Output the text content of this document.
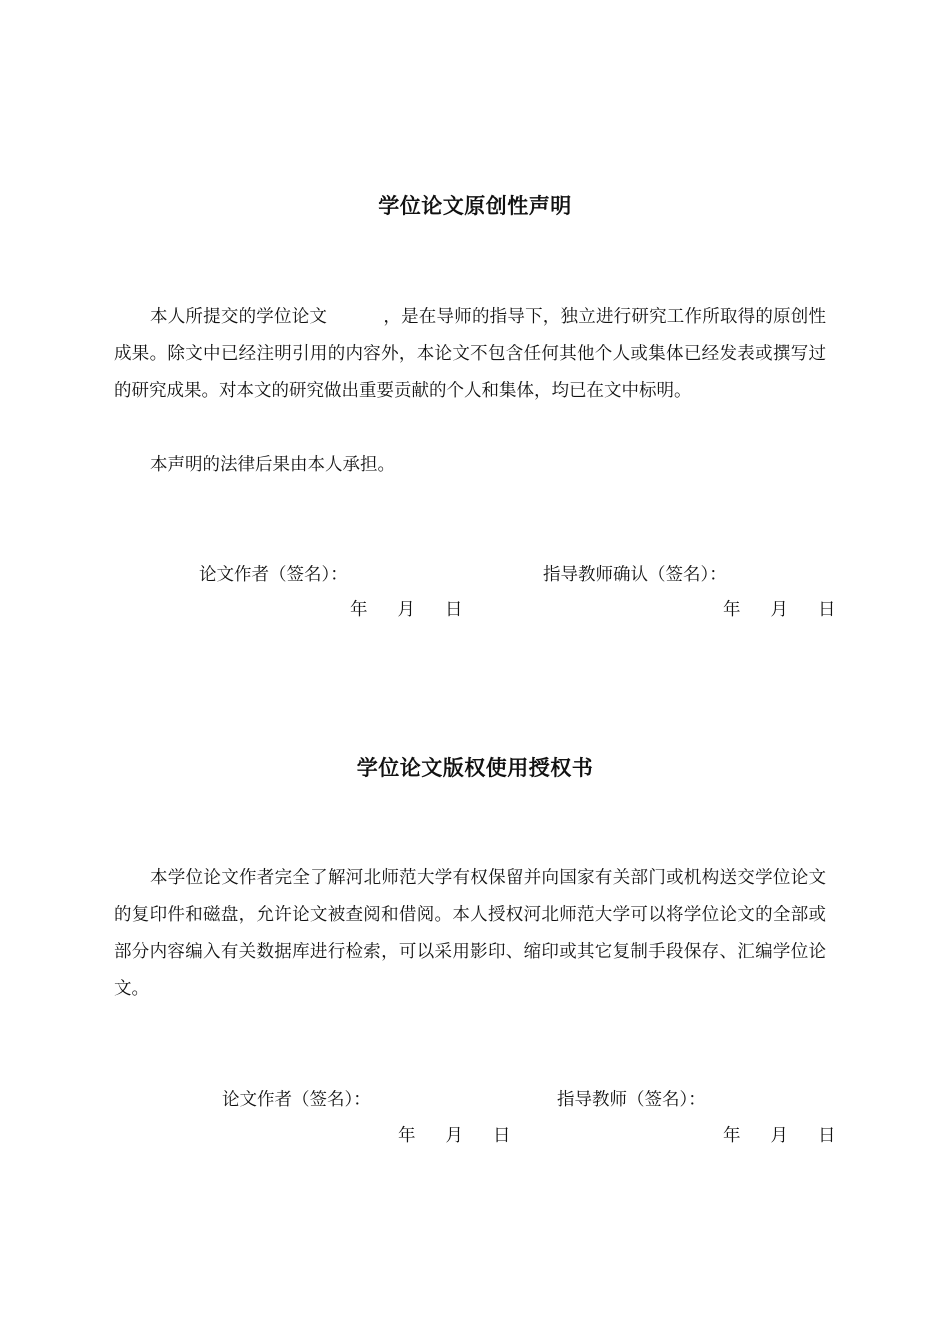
学位论文原创性声明

本人所提交的学位论文	，是在导师的指导下，独立进行研究工作所取得的原创性成果。除文中已经注明引用的内容外，本论文不包含任何其他个人或集体已经发表或撰写过的研究成果。对本文的研究做出重要贡献的个人和集体，均已在文中标明。

本声明的法律后果由本人承担。

论文作者（签名）：	指导教师确认（签名）：

年 月 日	年 月 日

学位论文版权使用授权书

本学位论文作者完全了解河北师范大学有权保留并向国家有关部门或机构送交学位论文的复印件和磁盘，允许论文被查阅和借阅。本人授权河北师范大学可以将学位论文的全部或部分内容编入有关数据库进行检索，可以采用影印、缩印或其它复制手段保存、汇编学位论文。

论文作者（签名）：	指导教师（签名）：

年 月 日	年 月 日
